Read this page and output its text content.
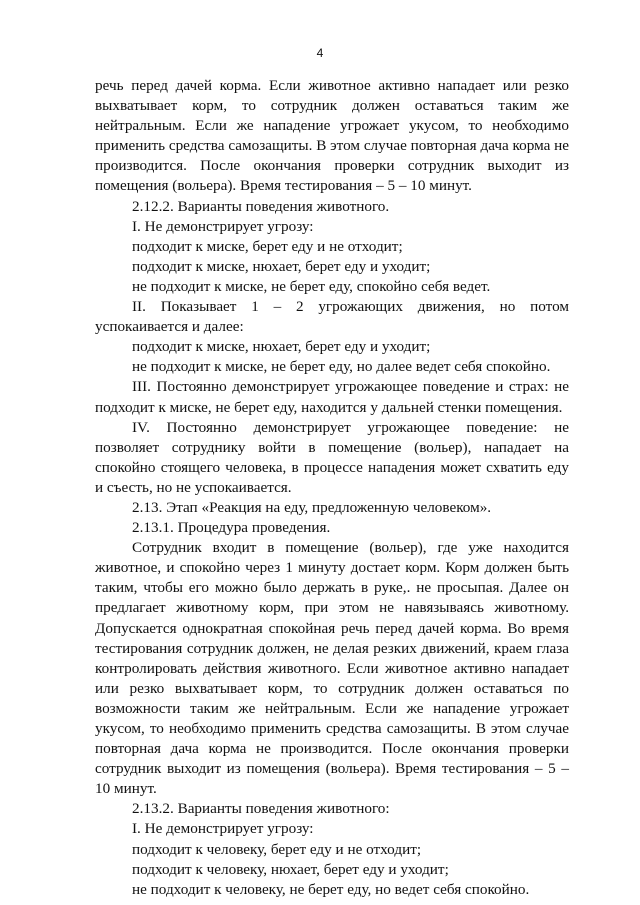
4

речь перед дачей корма. Если животное активно нападает или резко выхватывает корм, то сотрудник должен оставаться таким же нейтральным. Если же нападение угрожает укусом, то необходимо применить средства самозащиты. В этом случае повторная дача корма не производится. После окончания проверки сотрудник выходит из помещения (вольера). Время тестирования – 5 – 10 минут.

2.12.2. Варианты поведения животного.

I. Не демонстрирует угрозу:

подходит к миске, берет еду и не отходит;

подходит к миске, нюхает, берет еду и уходит;

не подходит к миске, не берет еду, спокойно себя ведет.

II. Показывает 1 – 2 угрожающих движения, но потом успокаивается и далее:

подходит к миске, нюхает, берет еду и уходит;

не подходит к миске, не берет еду, но далее ведет себя спокойно.

III. Постоянно демонстрирует угрожающее поведение и страх: не подходит к миске, не берет еду, находится у дальней стенки помещения.

IV. Постоянно демонстрирует угрожающее поведение: не позволяет сотруднику войти в помещение (вольер), нападает на спокойно стоящего человека, в процессе нападения может схватить еду и съесть, но не успокаивается.

2.13. Этап «Реакция на еду, предложенную человеком».

2.13.1. Процедура проведения.

Сотрудник входит в помещение (вольер), где уже находится животное, и спокойно через 1 минуту достает корм. Корм должен быть таким, чтобы его можно было держать в руке,. не просыпая. Далее он предлагает животному корм, при этом не навязываясь животному. Допускается однократная спокойная речь перед дачей корма. Во время тестирования сотрудник должен, не делая резких движений, краем глаза контролировать действия животного. Если животное активно нападает или резко выхватывает корм, то сотрудник должен оставаться по возможности таким же нейтральным. Если же нападение угрожает укусом, то необходимо применить средства самозащиты. В этом случае повторная дача корма не производится. После окончания проверки сотрудник выходит из помещения (вольера). Время тестирования – 5 – 10 минут.

2.13.2. Варианты поведения животного:

I. Не демонстрирует угрозу:

подходит к человеку, берет еду и не отходит;

подходит к человеку, нюхает, берет еду и уходит;

не подходит к человеку, не берет еду, но ведет себя спокойно.
